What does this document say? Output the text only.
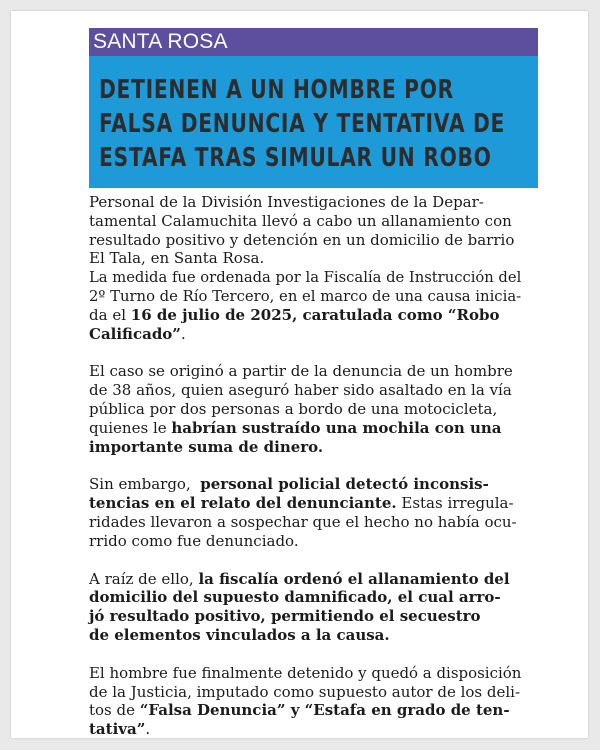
SANTA ROSA
DETIENEN A UN HOMBRE POR
FALSA DENUNCIA Y TENTATIVA DE
ESTAFA TRAS SIMULAR UN ROBO
Personal de la División Investigaciones de la Depar-
tamental Calamuchita llevó a cabo un allanamiento con
resultado positivo y detención en un domicilio de barrio
El Tala, en Santa Rosa.
La medida fue ordenada por la Fiscalía de Instrucción del
2º Turno de Río Tercero, en el marco de una causa inicia-
da el 16 de julio de 2025, caratulada como “Robo
Calificado”.
El caso se originó a partir de la denuncia de un hombre
de 38 años, quien aseguró haber sido asaltado en la vía
pública por dos personas a bordo de una motocicleta,
quienes le habrían sustraído una mochila con una
importante suma de dinero.
Sin embargo,  personal policial detectó inconsis-
tencias en el relato del denunciante. Estas irregula-
ridades llevaron a sospechar que el hecho no había ocu-
rrido como fue denunciado.
A raíz de ello, la fiscalía ordenó el allanamiento del
domicilio del supuesto damnificado, el cual arro-
jó resultado positivo, permitiendo el secuestro
de elementos vinculados a la causa.
El hombre fue finalmente detenido y quedó a disposición
de la Justicia, imputado como supuesto autor de los deli-
tos de “Falsa Denuncia” y “Estafa en grado de ten-
tativa”.
